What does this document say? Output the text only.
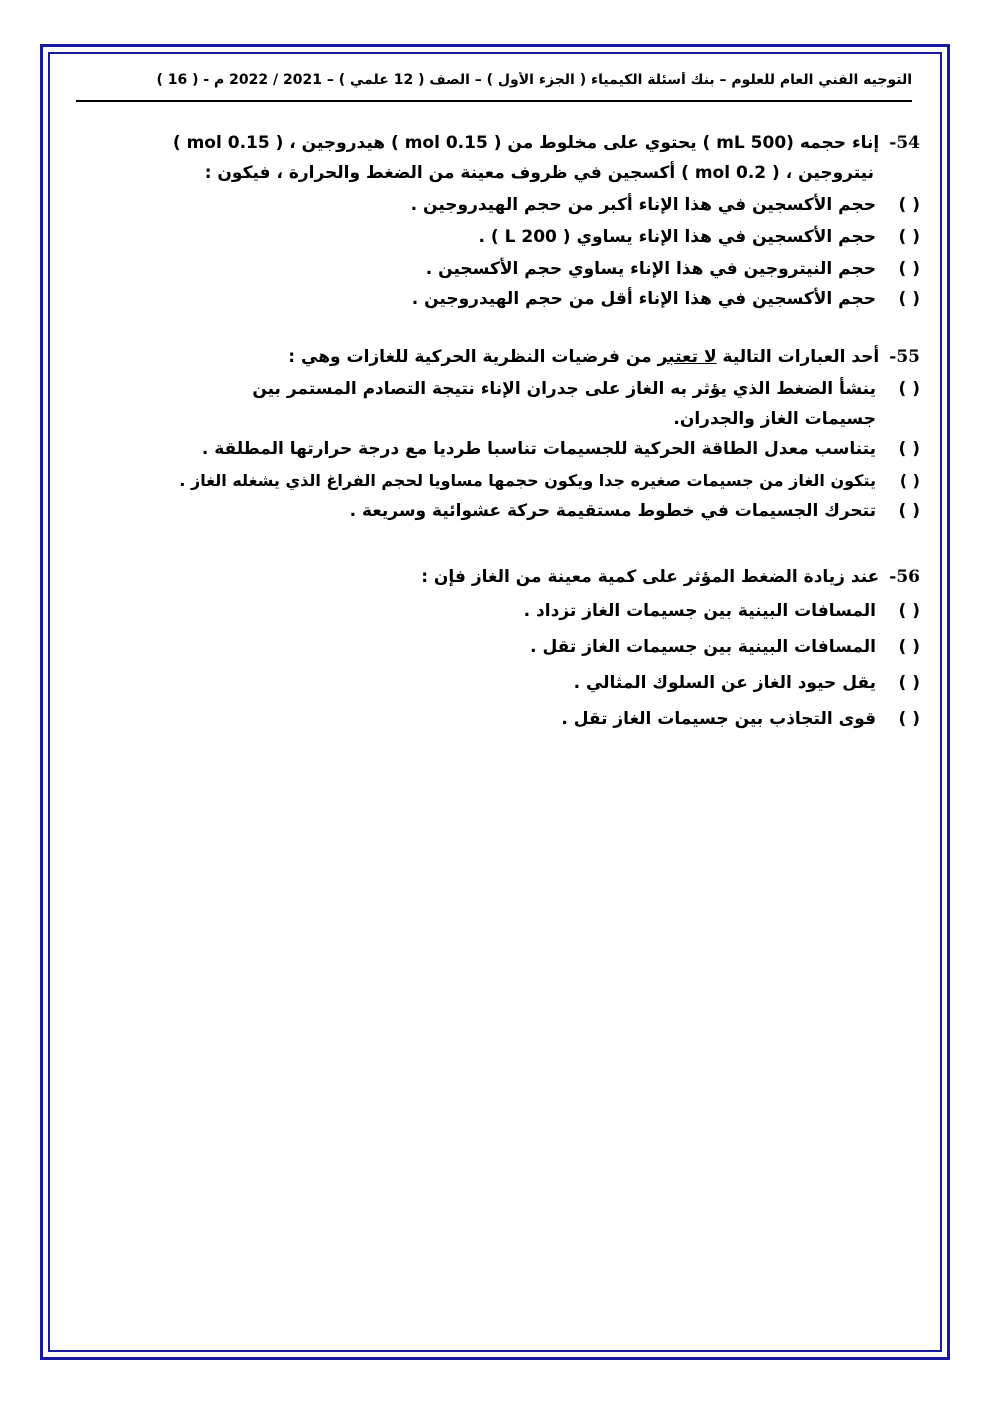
التوجيه الفني العام للعلوم – بنك أسئلة الكيمياء ( الجزء الأول ) – الصف ( 12 علمي ) – 2021 / 2022 م - ( 16 )
54-إناء حجمه (500 mL ) يحتوي على مخلوط من ( 0.15 mol ) هيدروجين ، ( 0.15 mol )
نيتروجين ، ( 0.2 mol ) أكسجين في ظروف معينة من الضغط والحرارة ، فيكون :
( )حجم الأكسجين في هذا الإناء أكبر من حجم الهيدروجين .
( )حجم الأكسجين في هذا الإناء يساوي ( 200 L ) .
( )حجم النيتروجين في هذا الإناء يساوي حجم الأكسجين .
( )حجم الأكسجين في هذا الإناء أقل من حجم الهيدروجين .
55-أحد العبارات التالية لا تعتبر من فرضيات النظرية الحركية للغازات وهي :
( )ينشأ الضغط الذي يؤثر به الغاز على جدران الإناء نتيجة التصادم المستمر بين
جسيمات الغاز والجدران.
( )يتناسب معدل الطاقة الحركية للجسيمات تناسبا طرديا مع درجة حرارتها المطلقة .
( )يتكون الغاز من جسيمات صغيره جدا ويكون حجمها مساويا لحجم الفراغ الذي يشغله الغاز .
( )تتحرك الجسيمات في خطوط مستقيمة حركة عشوائية وسريعة .
56-عند زيادة الضغط المؤثر على كمية معينة من الغاز فإن :
( )المسافات البينية بين جسيمات الغاز تزداد .
( )المسافات البينية بين جسيمات الغاز تقل .
( )يقل حيود الغاز عن السلوك المثالي .
( )قوى التجاذب بين جسيمات الغاز تقل .
